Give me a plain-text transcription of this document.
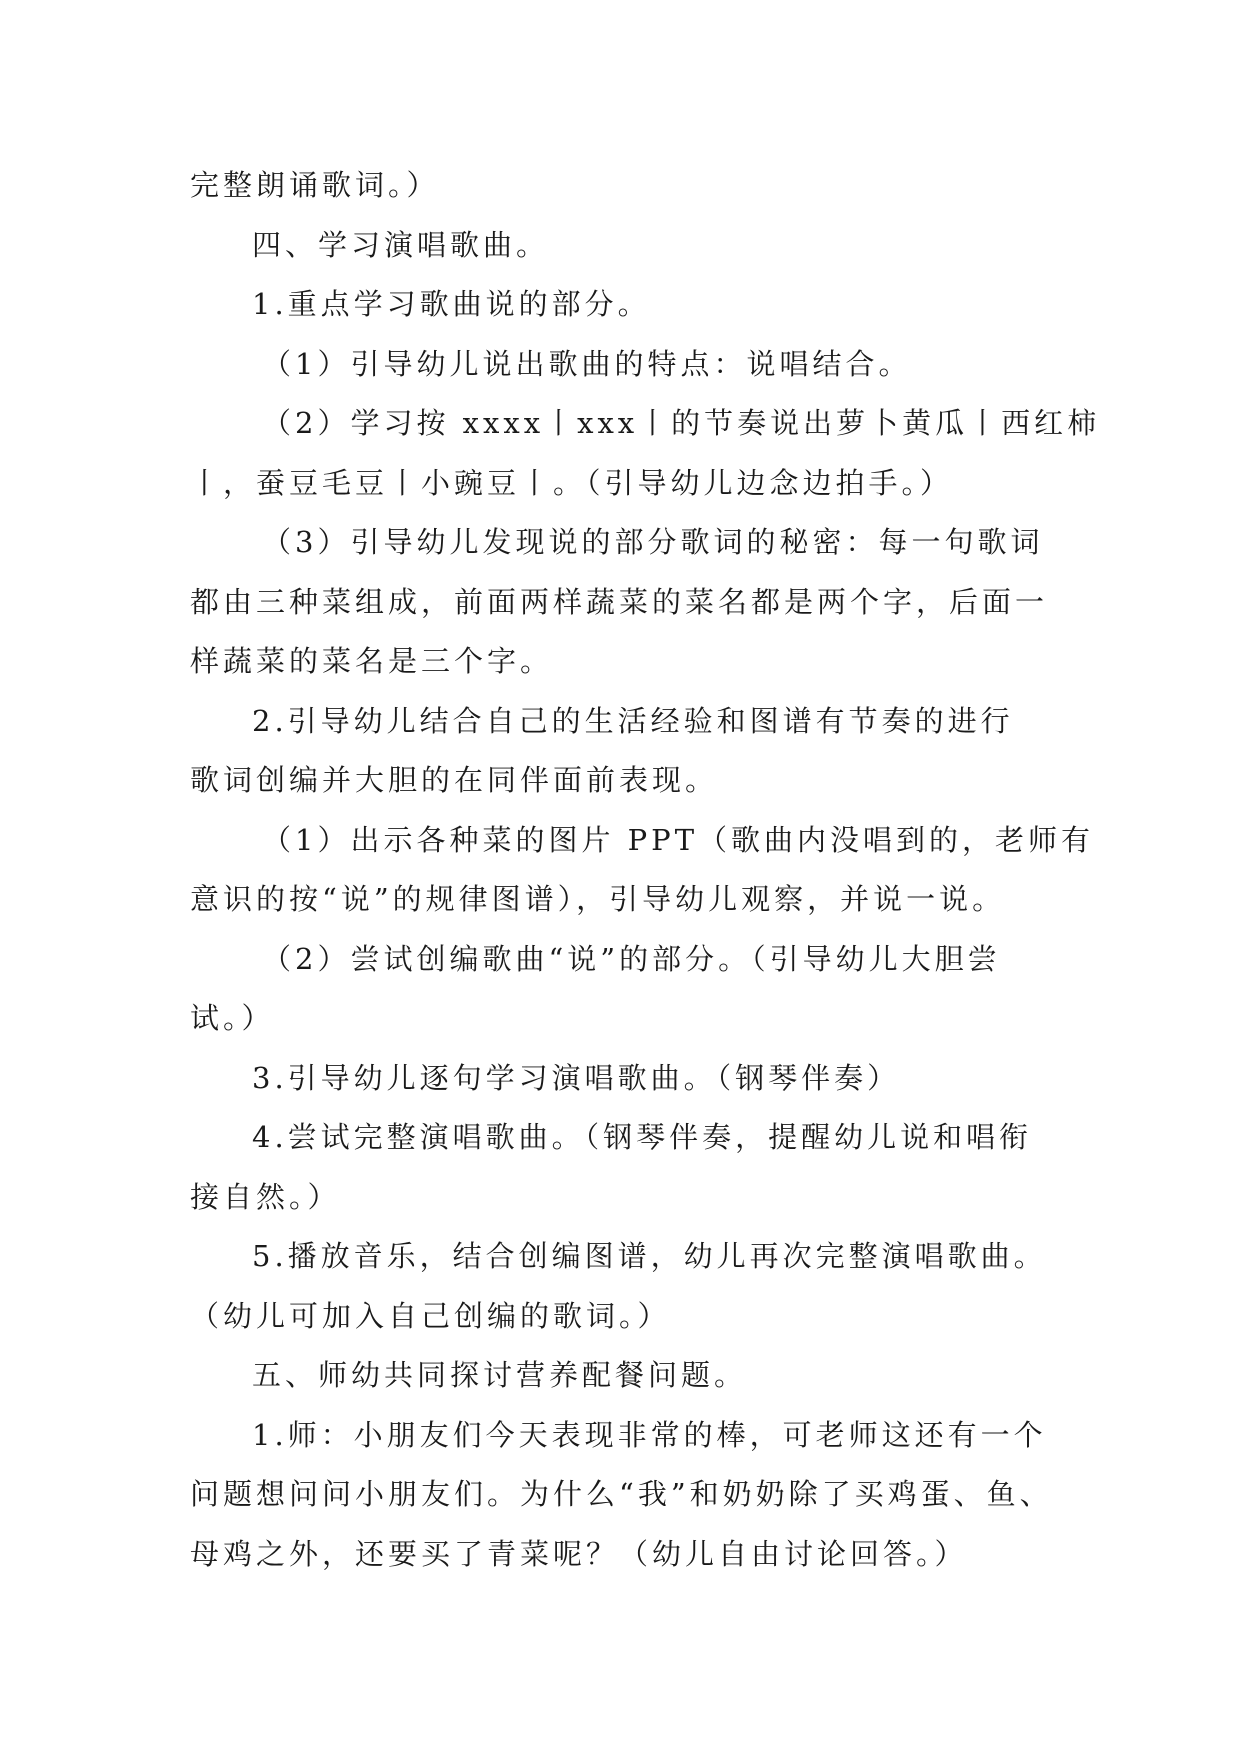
完整朗诵歌词。）

四、学习演唱歌曲。

1.重点学习歌曲说的部分。

（1）引导幼儿说出歌曲的特点：说唱结合。

（2）学习按 xxxx丨xxx丨的节奏说出萝卜黄瓜丨西红柿

丨，蚕豆毛豆丨小豌豆丨。（引导幼儿边念边拍手。）

（3）引导幼儿发现说的部分歌词的秘密：每一句歌词

都由三种菜组成，前面两样蔬菜的菜名都是两个字，后面一

样蔬菜的菜名是三个字。

2.引导幼儿结合自己的生活经验和图谱有节奏的进行

歌词创编并大胆的在同伴面前表现。

（1）出示各种菜的图片 PPT（歌曲内没唱到的，老师有

意识的按“说”的规律图谱），引导幼儿观察，并说一说。

（2）尝试创编歌曲“说”的部分。（引导幼儿大胆尝

试。）

3.引导幼儿逐句学习演唱歌曲。（钢琴伴奏）

4.尝试完整演唱歌曲。（钢琴伴奏，提醒幼儿说和唱衔

接自然。）

5.播放音乐，结合创编图谱，幼儿再次完整演唱歌曲。

（幼儿可加入自己创编的歌词。）

五、师幼共同探讨营养配餐问题。

1.师：小朋友们今天表现非常的棒，可老师这还有一个

问题想问问小朋友们。为什么“我”和奶奶除了买鸡蛋、鱼、

母鸡之外，还要买了青菜呢？（幼儿自由讨论回答。）
